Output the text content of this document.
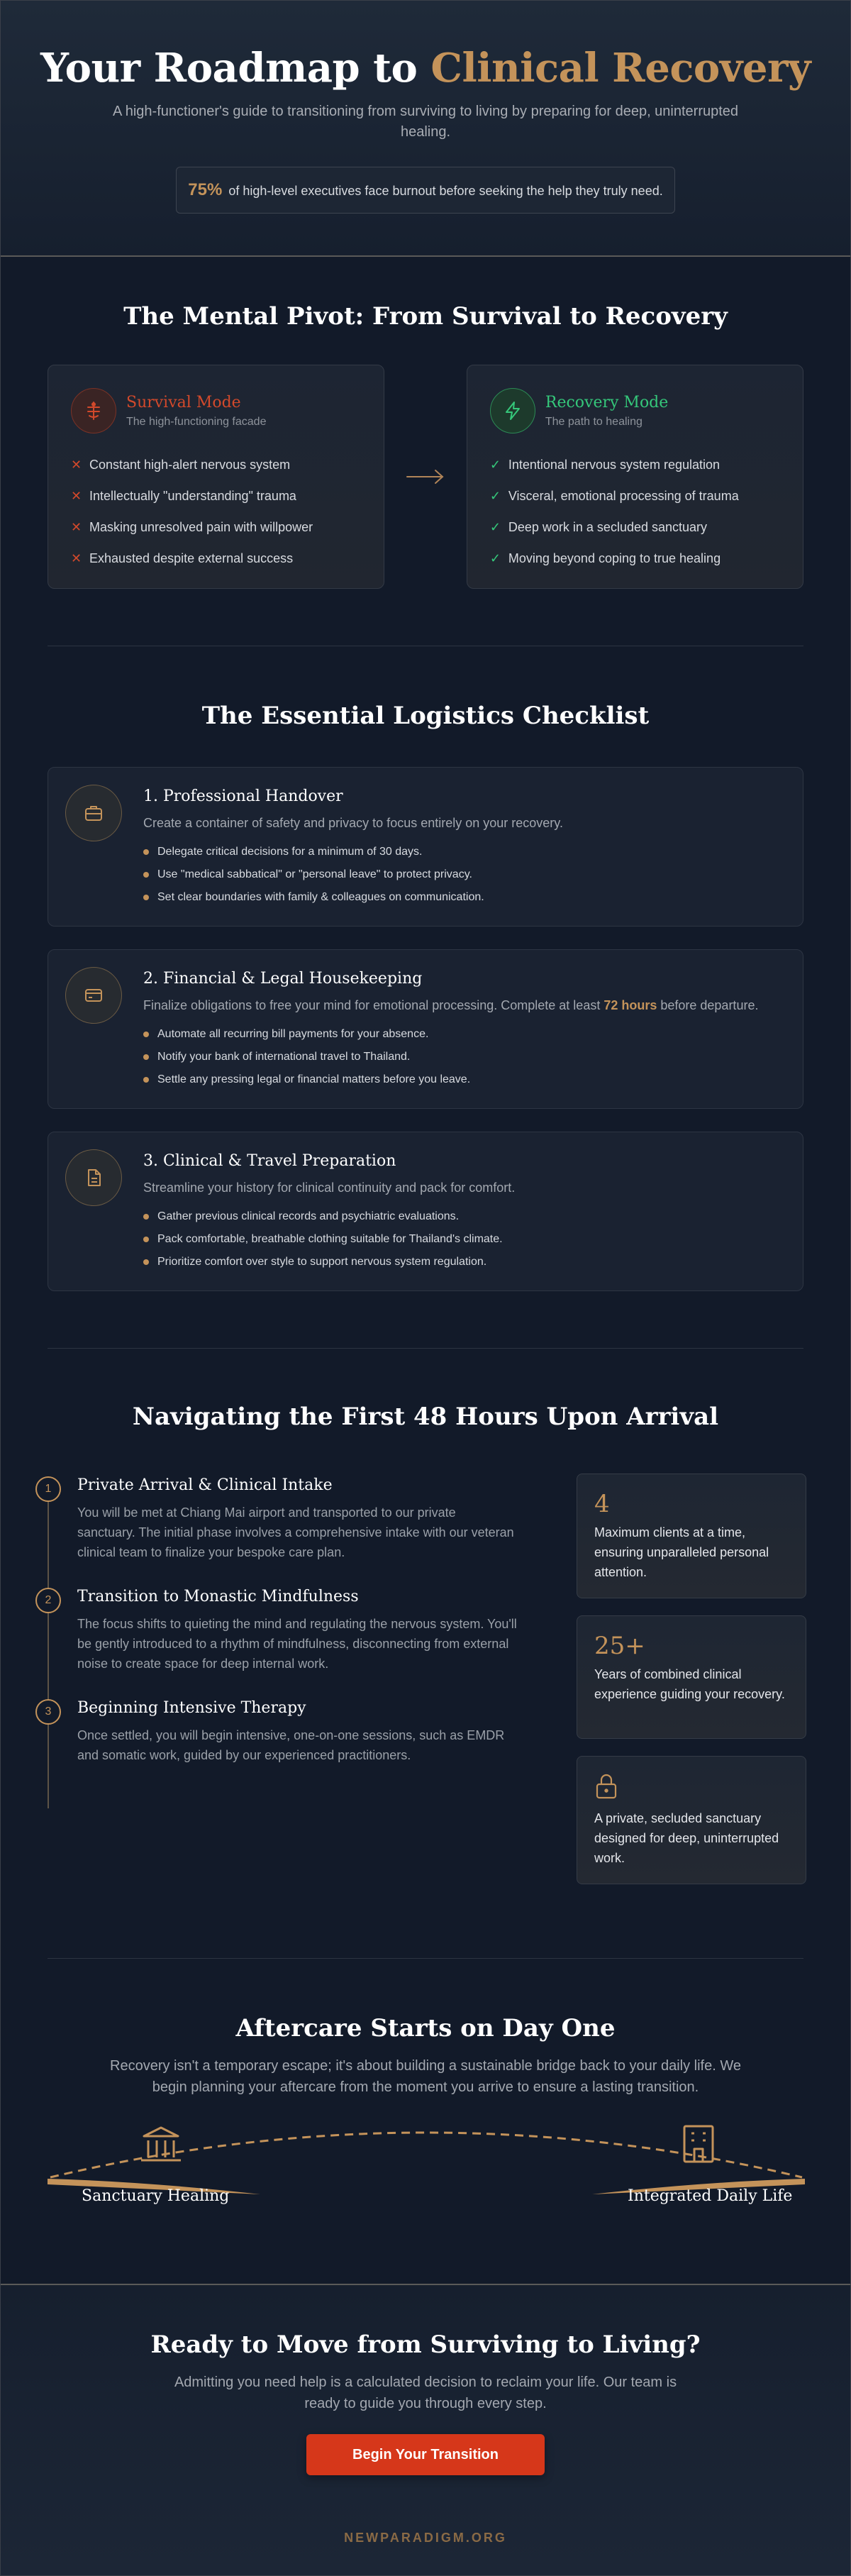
Your Roadmap to Clinical Recovery

A high-functioner's guide to transitioning from surviving to living by preparing for deep, uninterrupted healing.

75% of high-level executives face burnout before seeking the help they truly need.
The Mental Pivot: From Survival to Recovery
Survival Mode
The high-functioning facade
✕ Constant high-alert nervous system
✕ Intellectually "understanding" trauma
✕ Masking unresolved pain with willpower
✕ Exhausted despite external success
Recovery Mode
The path to healing
✓ Intentional nervous system regulation
✓ Visceral, emotional processing of trauma
✓ Deep work in a secluded sanctuary
✓ Moving beyond coping to true healing
The Essential Logistics Checklist
1. Professional Handover

Create a container of safety and privacy to focus entirely on your recovery.

Delegate critical decisions for a minimum of 30 days.
Use "medical sabbatical" or "personal leave" to protect privacy.
Set clear boundaries with family & colleagues on communication.
2. Financial & Legal Housekeeping

Finalize obligations to free your mind for emotional processing. Complete at least 72 hours before departure.

Automate all recurring bill payments for your absence.
Notify your bank of international travel to Thailand.
Settle any pressing legal or financial matters before you leave.
3. Clinical & Travel Preparation

Streamline your history for clinical continuity and pack for comfort.

Gather previous clinical records and psychiatric evaluations.
Pack comfortable, breathable clothing suitable for Thailand's climate.
Prioritize comfort over style to support nervous system regulation.
Navigating the First 48 Hours Upon Arrival
1	Private Arrival & Clinical Intake

You will be met at Chiang Mai airport and transported to our private sanctuary. The initial phase involves a comprehensive intake with our veteran clinical team to finalize your bespoke care plan.

2	Transition to Monastic Mindfulness

The focus shifts to quieting the mind and regulating the nervous system. You'll be gently introduced to a rhythm of mindfulness, disconnecting from external noise to create space for deep internal work.

3	Beginning Intensive Therapy

Once settled, you will begin intensive, one-on-one sessions, such as EMDR and somatic work, guided by our experienced practitioners.

4
Maximum clients at a time, ensuring unparalleled personal attention.
25+
Years of combined clinical experience guiding your recovery.
A private, secluded sanctuary designed for deep, uninterrupted work.
Aftercare Starts on Day One

Recovery isn't a temporary escape; it's about building a sustainable bridge back to your daily life. We begin planning your aftercare from the moment you arrive to ensure a lasting transition.

Sanctuary Healing	Integrated Daily Life
Ready to Move from Surviving to Living?

Admitting you need help is a calculated decision to reclaim your life. Our team is ready to guide you through every step.

Begin Your Transition
NEWPARADIGM.ORG
